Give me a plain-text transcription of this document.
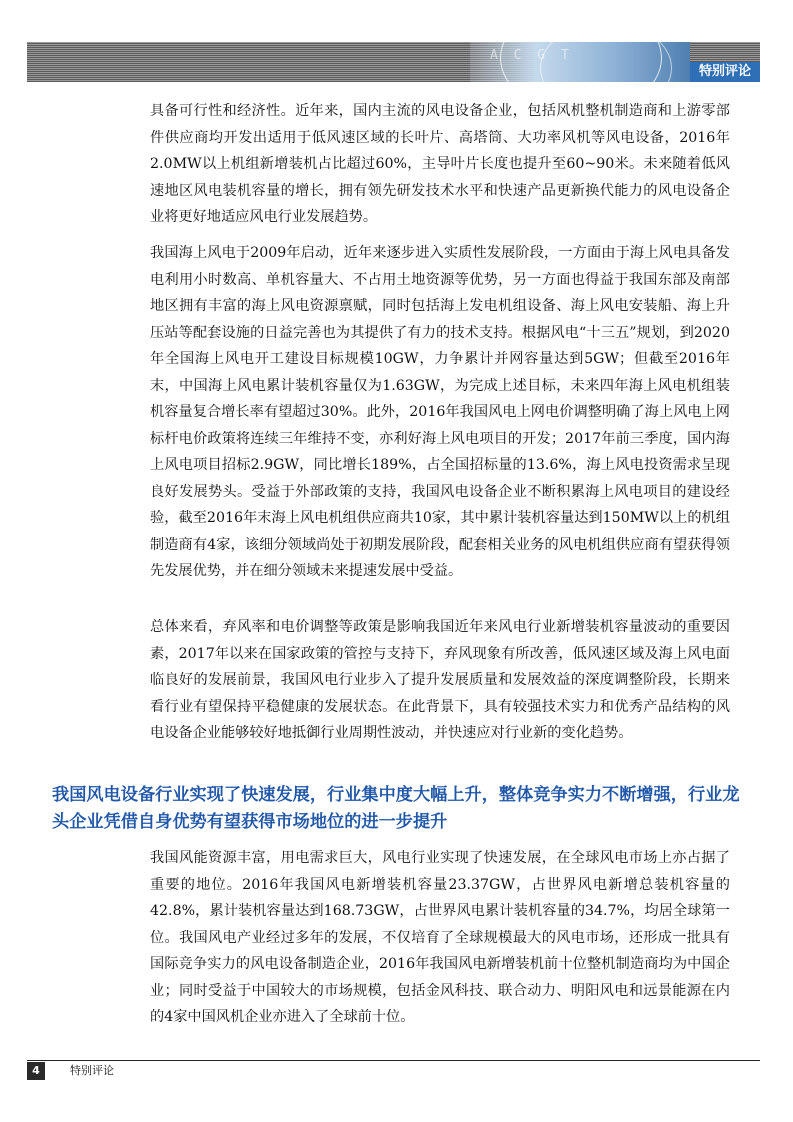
A C G T
特别评论

具备可行性和经济性。近年来，国内主流的风电设备企业，包括风机整机制造商和上游零部件供应商均开发出适用于低风速区域的长叶片、高塔筒、大功率风机等风电设备，2016年2.0MW以上机组新增装机占比超过60%，主导叶片长度也提升至60~90米。未来随着低风速地区风电装机容量的增长，拥有领先研发技术水平和快速产品更新换代能力的风电设备企业将更好地适应风电行业发展趋势。

我国海上风电于2009年启动，近年来逐步进入实质性发展阶段，一方面由于海上风电具备发电利用小时数高、单机容量大、不占用土地资源等优势，另一方面也得益于我国东部及南部地区拥有丰富的海上风电资源禀赋，同时包括海上发电机组设备、海上风电安装船、海上升压站等配套设施的日益完善也为其提供了有力的技术支持。根据风电“十三五”规划，到2020年全国海上风电开工建设目标规模10GW，力争累计并网容量达到5GW；但截至2016年末，中国海上风电累计装机容量仅为1.63GW，为完成上述目标，未来四年海上风电机组装机容量复合增长率有望超过30%。此外，2016年我国风电上网电价调整明确了海上风电上网标杆电价政策将连续三年维持不变，亦利好海上风电项目的开发；2017年前三季度，国内海上风电项目招标2.9GW，同比增长189%，占全国招标量的13.6%，海上风电投资需求呈现良好发展势头。受益于外部政策的支持，我国风电设备企业不断积累海上风电项目的建设经验，截至2016年末海上风电机组供应商共10家，其中累计装机容量达到150MW以上的机组制造商有4家，该细分领域尚处于初期发展阶段，配套相关业务的风电机组供应商有望获得领先发展优势，并在细分领域未来提速发展中受益。

总体来看，弃风率和电价调整等政策是影响我国近年来风电行业新增装机容量波动的重要因素，2017年以来在国家政策的管控与支持下，弃风现象有所改善，低风速区域及海上风电面临良好的发展前景，我国风电行业步入了提升发展质量和发展效益的深度调整阶段，长期来看行业有望保持平稳健康的发展状态。在此背景下，具有较强技术实力和优秀产品结构的风电设备企业能够较好地抵御行业周期性波动，并快速应对行业新的变化趋势。

我国风电设备行业实现了快速发展，行业集中度大幅上升，整体竞争实力不断增强，行业龙头企业凭借自身优势有望获得市场地位的进一步提升

我国风能资源丰富，用电需求巨大，风电行业实现了快速发展，在全球风电市场上亦占据了重要的地位。2016年我国风电新增装机容量23.37GW，占世界风电新增总装机容量的42.8%，累计装机容量达到168.73GW，占世界风电累计装机容量的34.7%，均居全球第一位。我国风电产业经过多年的发展，不仅培育了全球规模最大的风电市场，还形成一批具有国际竞争实力的风电设备制造企业，2016年我国风电新增装机前十位整机制造商均为中国企业；同时受益于中国较大的市场规模，包括金风科技、联合动力、明阳风电和远景能源在内的4家中国风机企业亦进入了全球前十位。

4	特别评论
